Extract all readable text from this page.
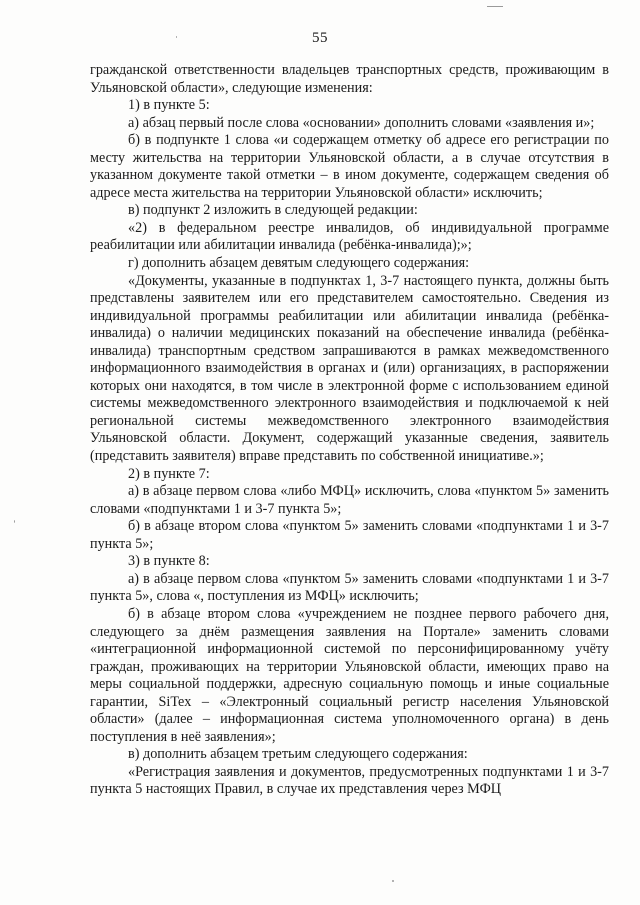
55

гражданской ответственности владельцев транспортных средств, проживающим в Ульяновской области», следующие изменения:

1) в пункте 5:

а) абзац первый после слова «основании» дополнить словами «заявления и»;

б) в подпункте 1 слова «и содержащем отметку об адресе его регистрации по месту жительства на территории Ульяновской области, а в случае отсутствия в указанном документе такой отметки – в ином документе, содержащем сведения об адресе места жительства на территории Ульяновской области» исключить;

в) подпункт 2 изложить в следующей редакции:

«2) в федеральном реестре инвалидов, об индивидуальной программе реабилитации или абилитации инвалида (ребёнка-инвалида);»;

г) дополнить абзацем девятым следующего содержания:

«Документы, указанные в подпунктах 1, 3-7 настоящего пункта, должны быть представлены заявителем или его представителем самостоятельно. Сведения из индивидуальной программы реабилитации или абилитации инвалида (ребёнка-инвалида) о наличии медицинских показаний на обеспечение инвалида (ребёнка-инвалида) транспортным средством запрашиваются в рамках межведомственного информационного взаимодействия в органах и (или) организациях, в распоряжении которых они находятся, в том числе в электронной форме с использованием единой системы межведомственного электронного взаимодействия и подключаемой к ней региональной системы межведомственного электронного взаимодействия Ульяновской области. Документ, содержащий указанные сведения, заявитель (представить заявителя) вправе представить по собственной инициативе.»;

2) в пункте 7:

а) в абзаце первом слова «либо МФЦ» исключить, слова «пунктом 5» заменить словами «подпунктами 1 и 3-7 пункта 5»;

б) в абзаце втором слова «пунктом 5» заменить словами «подпунктами 1 и 3-7 пункта 5»;

3) в пункте 8:

а) в абзаце первом слова «пунктом 5» заменить словами «подпунктами 1 и 3-7 пункта 5», слова «, поступления из МФЦ» исключить;

б) в абзаце втором слова «учреждением не позднее первого рабочего дня, следующего за днём размещения заявления на Портале» заменить словами «интеграционной информационной системой по персонифицированному учёту граждан, проживающих на территории Ульяновской области, имеющих право на меры социальной поддержки, адресную социальную помощь и иные социальные гарантии, SiTex – «Электронный социальный регистр населения Ульяновской области» (далее – информационная система уполномоченного органа) в день поступления в неё заявления»;

в) дополнить абзацем третьим следующего содержания:

«Регистрация заявления и документов, предусмотренных подпунктами 1 и 3-7 пункта 5 настоящих Правил, в случае их представления через МФЦ
